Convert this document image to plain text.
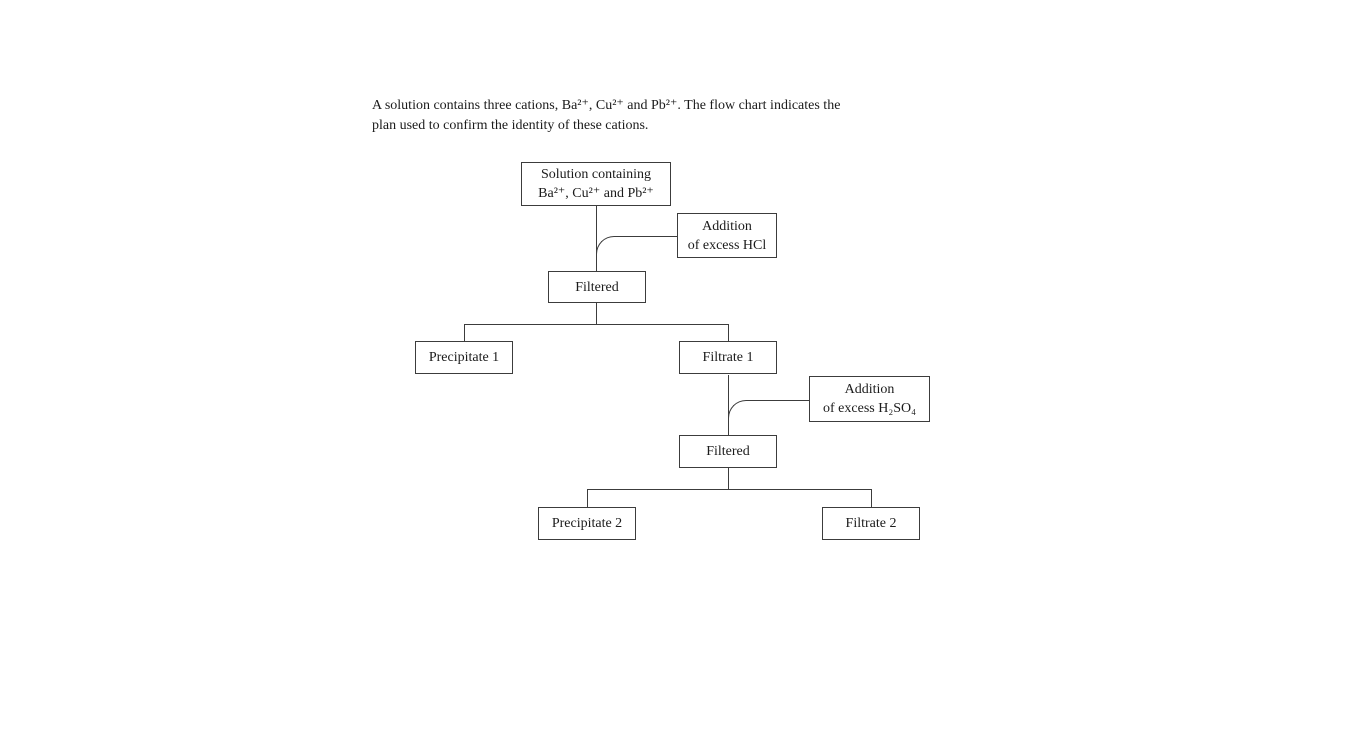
A solution contains three cations, Ba²⁺, Cu²⁺ and Pb²⁺. The flow chart indicates the
plan used to confirm the identity of these cations.

Solution containing
Ba²⁺, Cu²⁺ and Pb²⁺
Addition
of excess HCl
Filtered
Precipitate 1	Filtrate 1
Addition
of excess H₂SO₄
Filtered
Precipitate 2	Filtrate 2
